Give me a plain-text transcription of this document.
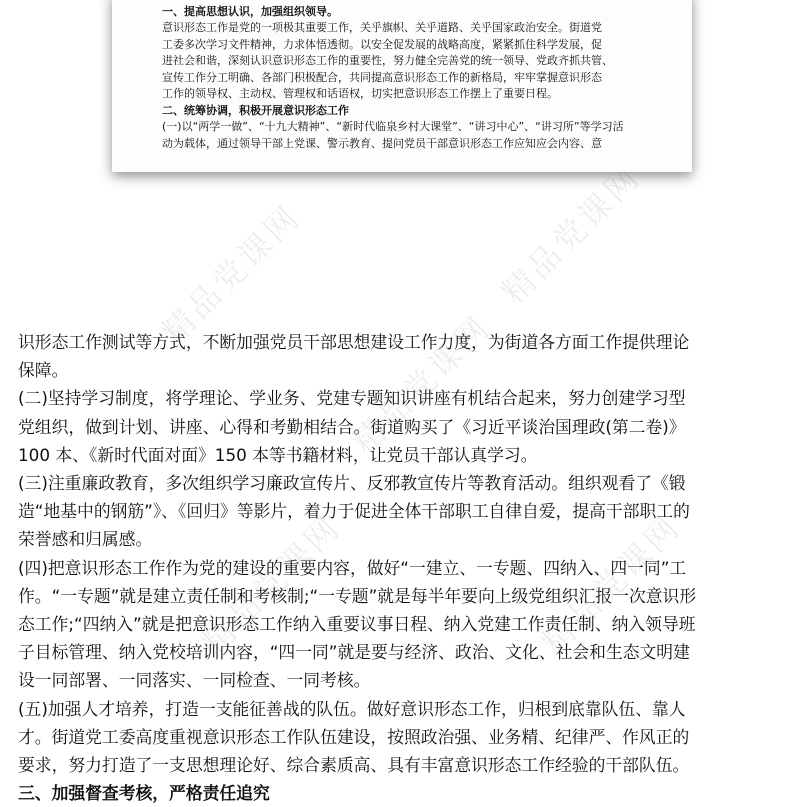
精品党课网	精品党课网
精品党课网
精品党课网	精品党课网

一、提高思想认识，加强组织领导。

意识形态工作是党的一项极其重要工作，关乎旗帜、关乎道路、关乎国家政治安全。街道党

工委多次学习文件精神，力求体悟透彻。以安全促发展的战略高度，紧紧抓住科学发展，促

进社会和谐，深刻认识意识形态工作的重要性，努力健全完善党的统一领导、党政齐抓共管、

宣传工作分工明确、各部门积极配合，共同提高意识形态工作的新格局，牢牢掌握意识形态

工作的领导权、主动权、管理权和话语权，切实把意识形态工作摆上了重要日程。

二、统筹协调，积极开展意识形态工作

(一)以“两学一做”、“十九大精神”、“新时代临泉乡村大课堂”、“讲习中心”、“讲习所”等学习活

动为载体，通过领导干部上党课、警示教育、提问党员干部意识形态工作应知应会内容、意

识形态工作测试等方式，不断加强党员干部思想建设工作力度，为街道各方面工作提供理论

保障。

(二)坚持学习制度，将学理论、学业务、党建专题知识讲座有机结合起来，努力创建学习型

党组织，做到计划、讲座、心得和考勤相结合。街道购买了《习近平谈治国理政(第二卷)》

100 本、《新时代面对面》150 本等书籍材料，让党员干部认真学习。

(三)注重廉政教育，多次组织学习廉政宣传片、反邪教宣传片等教育活动。组织观看了《锻

造“地基中的钢筋”》、《回归》等影片，着力于促进全体干部职工自律自爱，提高干部职工的

荣誉感和归属感。

(四)把意识形态工作作为党的建设的重要内容，做好“一建立、一专题、四纳入、四一同”工

作。“一专题”就是建立责任制和考核制;“一专题”就是每半年要向上级党组织汇报一次意识形

态工作;“四纳入”就是把意识形态工作纳入重要议事日程、纳入党建工作责任制、纳入领导班

子目标管理、纳入党校培训内容，“四一同”就是要与经济、政治、文化、社会和生态文明建

设一同部署、一同落实、一同检查、一同考核。

(五)加强人才培养，打造一支能征善战的队伍。做好意识形态工作，归根到底靠队伍、靠人

才。街道党工委高度重视意识形态工作队伍建设，按照政治强、业务精、纪律严、作风正的

要求，努力打造了一支思想理论好、综合素质高、具有丰富意识形态工作经验的干部队伍。

三、加强督查考核，严格责任追究
